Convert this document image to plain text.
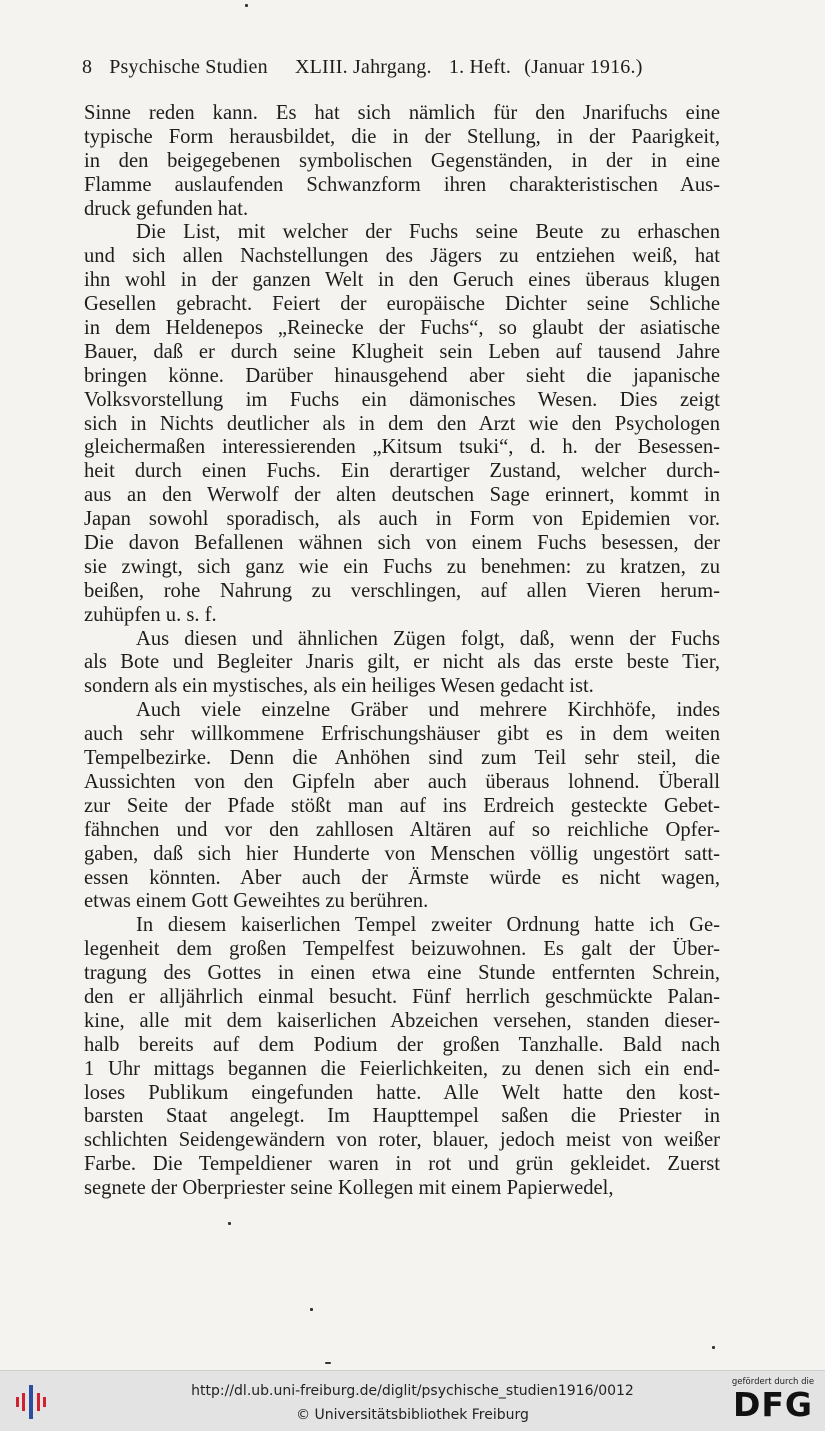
8 Psychische Studien XLIII. Jahrgang. 1. Heft. (Januar 1916.)
Sinne reden kann. Es hat sich nämlich für den Jnarifuchs eine
typische Form herausbildet, die in der Stellung, in der Paarigkeit,
in den beigegebenen symbolischen Gegenständen, in der in eine
Flamme auslaufenden Schwanzform ihren charakteristischen Aus-
druck gefunden hat.
Die List, mit welcher der Fuchs seine Beute zu erhaschen
und sich allen Nachstellungen des Jägers zu entziehen weiß, hat
ihn wohl in der ganzen Welt in den Geruch eines überaus klugen
Gesellen gebracht. Feiert der europäische Dichter seine Schliche
in dem Heldenepos „Reinecke der Fuchs“, so glaubt der asiatische
Bauer, daß er durch seine Klugheit sein Leben auf tausend Jahre
bringen könne. Darüber hinausgehend aber sieht die japanische
Volksvorstellung im Fuchs ein dämonisches Wesen. Dies zeigt
sich in Nichts deutlicher als in dem den Arzt wie den Psychologen
gleichermaßen interessierenden „Kitsum tsuki“, d. h. der Besessen-
heit durch einen Fuchs. Ein derartiger Zustand, welcher durch-
aus an den Werwolf der alten deutschen Sage erinnert, kommt in
Japan sowohl sporadisch, als auch in Form von Epidemien vor.
Die davon Befallenen wähnen sich von einem Fuchs besessen, der
sie zwingt, sich ganz wie ein Fuchs zu benehmen: zu kratzen, zu
beißen, rohe Nahrung zu verschlingen, auf allen Vieren herum-
zuhüpfen u. s. f.
Aus diesen und ähnlichen Zügen folgt, daß, wenn der Fuchs
als Bote und Begleiter Jnaris gilt, er nicht als das erste beste Tier,
sondern als ein mystisches, als ein heiliges Wesen gedacht ist.
Auch viele einzelne Gräber und mehrere Kirchhöfe, indes
auch sehr willkommene Erfrischungshäuser gibt es in dem weiten
Tempelbezirke. Denn die Anhöhen sind zum Teil sehr steil, die
Aussichten von den Gipfeln aber auch überaus lohnend. Überall
zur Seite der Pfade stößt man auf ins Erdreich gesteckte Gebet-
fähnchen und vor den zahllosen Altären auf so reichliche Opfer-
gaben, daß sich hier Hunderte von Menschen völlig ungestört satt-
essen könnten. Aber auch der Ärmste würde es nicht wagen,
etwas einem Gott Geweihtes zu berühren.
In diesem kaiserlichen Tempel zweiter Ordnung hatte ich Ge-
legenheit dem großen Tempelfest beizuwohnen. Es galt der Über-
tragung des Gottes in einen etwa eine Stunde entfernten Schrein,
den er alljährlich einmal besucht. Fünf herrlich geschmückte Palan-
kine, alle mit dem kaiserlichen Abzeichen versehen, standen dieser-
halb bereits auf dem Podium der großen Tanzhalle. Bald nach
1 Uhr mittags begannen die Feierlichkeiten, zu denen sich ein end-
loses Publikum eingefunden hatte. Alle Welt hatte den kost-
barsten Staat angelegt. Im Haupttempel saßen die Priester in
schlichten Seidengewändern von roter, blauer, jedoch meist von weißer
Farbe. Die Tempeldiener waren in rot und grün gekleidet. Zuerst
segnete der Oberpriester seine Kollegen mit einem Papierwedel,
http://dl.ub.uni-freiburg.de/diglit/psychische_studien1916/0012
© Universitätsbibliothek Freiburg
gefördert durch die
DFG
